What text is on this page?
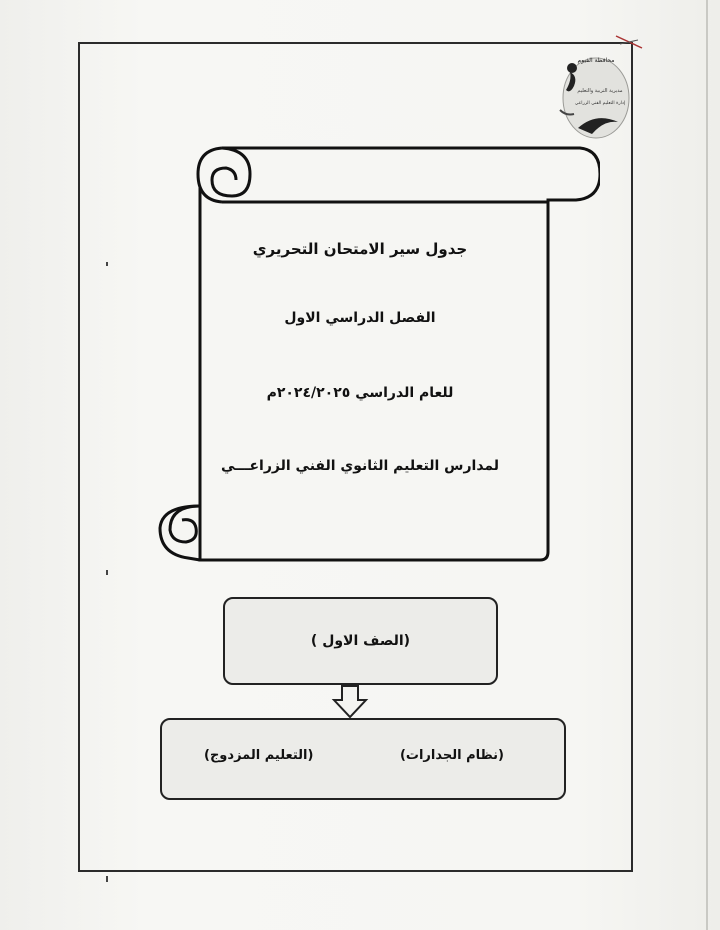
محافظة الفيوم
مديرية التربية والتعليم
إدارة التعليم الفني الزراعي
جدول سير الامتحان التحريري
الفصل الدراسي الاول
للعام الدراسي ٢٠٢٤/٢٠٢٥م
لمدارس التعليم الثانوي الفني الزراعـــي
(الصف الاول )
(نظام الجدارات)
(التعليم المزدوج)
